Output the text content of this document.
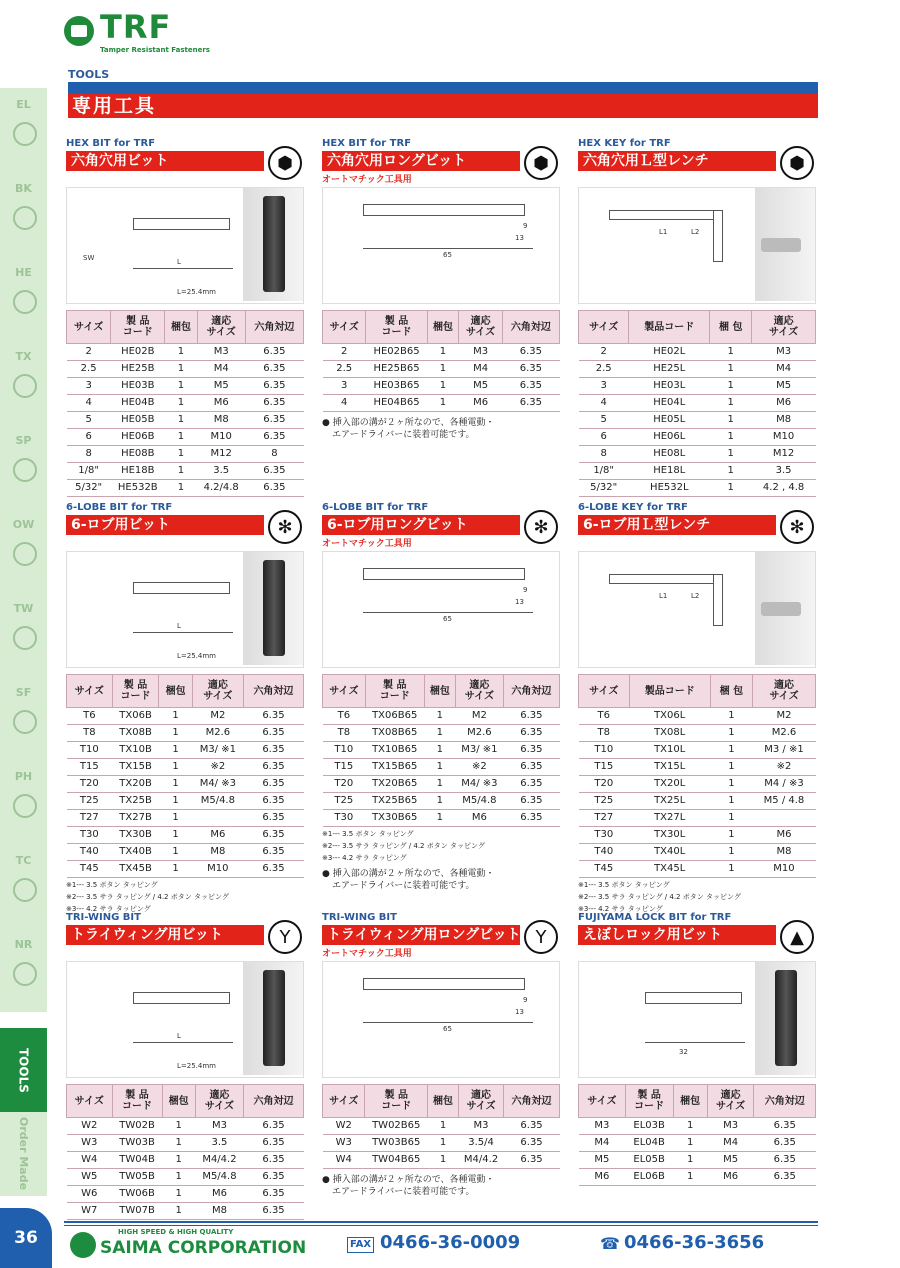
TRF
Tamper Resistant Fasteners
TOOLS
専用工具
EL
BK
HE
TX
SP
OW
TW
SF
PH
TC
NR
TOOLS
Order Made
36
HEX BIT for TRF
六角穴用ビット	⬢
L
L=25.4mm
SW
サイズ	製 品
コード	梱包	適応
サイズ	六角対辺
2	HE02B	1	M3	6.35
2.5	HE25B	1	M4	6.35
3	HE03B	1	M5	6.35
4	HE04B	1	M6	6.35
5	HE05B	1	M8	6.35
6	HE06B	1	M10	6.35
8	HE08B	1	M12	8
1/8"	HE18B	1	3.5	6.35
5/32"	HE532B	1	4.2/4.8	6.35
HEX BIT for TRF
六角穴用ロングビット	⬢
オートマチック工具用
65
9
13
サイズ	製 品
コード	梱包	適応
サイズ	六角対辺
2	HE02B65	1	M3	6.35
2.5	HE25B65	1	M4	6.35
3	HE03B65	1	M5	6.35
4	HE04B65	1	M6	6.35
● 挿入部の溝が２ヶ所なので、各種電動・
エアードライバーに装着可能です。
HEX KEY for TRF
六角穴用Ｌ型レンチ	⬢
L1	L2
サイズ	製品コード	梱 包	適応
サイズ
2	HE02L	1	M3
2.5	HE25L	1	M4
3	HE03L	1	M5
4	HE04L	1	M6
5	HE05L	1	M8
6	HE06L	1	M10
8	HE08L	1	M12
1/8"	HE18L	1	3.5
5/32"	HE532L	1	4.2 , 4.8
6-LOBE BIT for TRF
6-ロブ用ビット	✻
L
L=25.4mm
サイズ	製 品
コード	梱包	適応
サイズ	六角対辺
T6	TX06B	1	M2	6.35
T8	TX08B	1	M2.6	6.35
T10	TX10B	1	M3/ ※1	6.35
T15	TX15B	1	※2	6.35
T20	TX20B	1	M4/ ※3	6.35
T25	TX25B	1	M5/4.8	6.35
T27	TX27B	1		6.35
T30	TX30B	1	M6	6.35
T40	TX40B	1	M8	6.35
T45	TX45B	1	M10	6.35
※1--- 3.5 ボタン タッピング
※2--- 3.5 サラ タッピング / 4.2 ボタン タッピング
※3--- 4.2 サラ タッピング
6-LOBE BIT for TRF
6-ロブ用ロングビット	✻
オートマチック工具用
65
9
13
サイズ	製 品
コード	梱包	適応
サイズ	六角対辺
T6	TX06B65	1	M2	6.35
T8	TX08B65	1	M2.6	6.35
T10	TX10B65	1	M3/ ※1	6.35
T15	TX15B65	1	※2	6.35
T20	TX20B65	1	M4/ ※3	6.35
T25	TX25B65	1	M5/4.8	6.35
T30	TX30B65	1	M6	6.35
※1--- 3.5 ボタン タッピング
※2--- 3.5 サラ タッピング / 4.2 ボタン タッピング
※3--- 4.2 サラ タッピング
● 挿入部の溝が２ヶ所なので、各種電動・
エアードライバーに装着可能です。
6-LOBE KEY for TRF
6-ロブ用Ｌ型レンチ	✻
L1	L2
サイズ	製品コード	梱 包	適応
サイズ
T6	TX06L	1	M2
T8	TX08L	1	M2.6
T10	TX10L	1	M3 / ※1
T15	TX15L	1	※2
T20	TX20L	1	M4 / ※3
T25	TX25L	1	M5 / 4.8
T27	TX27L	1	
T30	TX30L	1	M6
T40	TX40L	1	M8
T45	TX45L	1	M10
※1--- 3.5 ボタン タッピング
※2--- 3.5 サラ タッピング / 4.2 ボタン タッピング
※3--- 4.2 サラ タッピング
TRI-WING BIT
トライウィング用ビット	Y
L
L=25.4mm
サイズ	製 品
コード	梱包	適応
サイズ	六角対辺
W2	TW02B	1	M3	6.35
W3	TW03B	1	3.5	6.35
W4	TW04B	1	M4/4.2	6.35
W5	TW05B	1	M5/4.8	6.35
W6	TW06B	1	M6	6.35
W7	TW07B	1	M8	6.35
TRI-WING BIT
トライウィング用ロングビット Y
オートマチック工具用
65
9
13
サイズ	製 品
コード	梱包	適応
サイズ	六角対辺
W2	TW02B65	1	M3	6.35
W3	TW03B65	1	3.5/4	6.35
W4	TW04B65	1	M4/4.2	6.35
● 挿入部の溝が２ヶ所なので、各種電動・
エアードライバーに装着可能です。
FUJIYAMA LOCK BIT for TRF
えぼしロック用ビット	▲
32
サイズ	製 品
コード	梱包	適応
サイズ	六角対辺
M3	EL03B	1	M3	6.35
M4	EL04B	1	M4	6.35
M5	EL05B	1	M5	6.35
M6	EL06B	1	M6	6.35
HIGH SPEED & HIGH QUALITY
SAIMA CORPORATION	FAX 0466-36-0009	☎ 0466-36-3656
